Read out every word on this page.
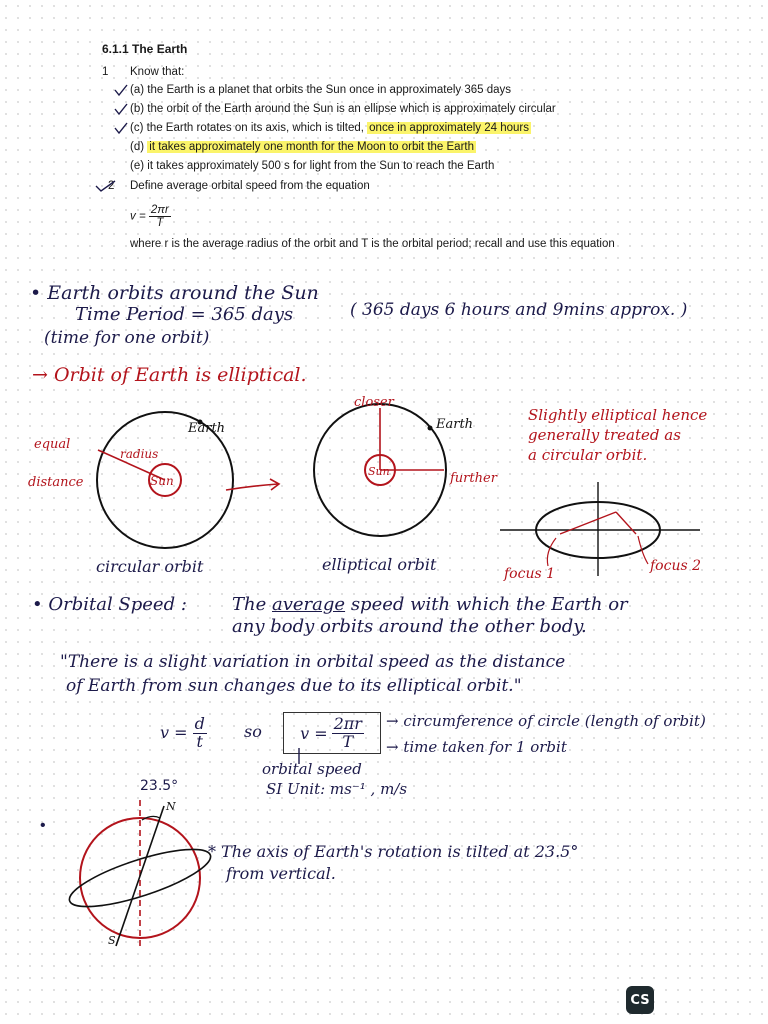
6.1.1 The Earth
1 Know that:
(a) the Earth is a planet that orbits the Sun once in approximately 365 days
(b) the orbit of the Earth around the Sun is an ellipse which is approximately circular
(c) the Earth rotates on its axis, which is tilted, once in approximately 24 hours
(d) it takes approximately one month for the Moon to orbit the Earth
(e) it takes approximately 500 s for light from the Sun to reach the Earth
2 Define average orbital speed from the equation
$v = \frac{2\pi r}{T}$
where r is the average radius of the orbit and T is the orbital period; recall and use this equation
• Earth orbits around the Sun
Time Period = 365 days	( 365 days 6 hours and 9mins approx. )
(time for one orbit)
→ Orbit of Earth is elliptical.
Sun
radius
Earth
equal
distance
circular orbit
Sun
closer
Earth
further
elliptical orbit
Slightly elliptical hence
generally treated as
a circular orbit.
focus 1	focus 2
• Orbital Speed :	The average speed with which the Earth or
any body orbits around the other body.
"There is a slight variation in orbital speed as the distance
of Earth from sun changes due to its elliptical orbit."
$v = \frac{d}{t}$ so $v = \frac{2\pi r}{T}$ → circumference of circle (length of orbit)
→ time taken for 1 orbit
orbital speed
SI Unit: ms⁻¹ , m/s
23.5°
•
N
S
* The axis of Earth's rotation is tilted at 23.5°
from vertical.
CS
